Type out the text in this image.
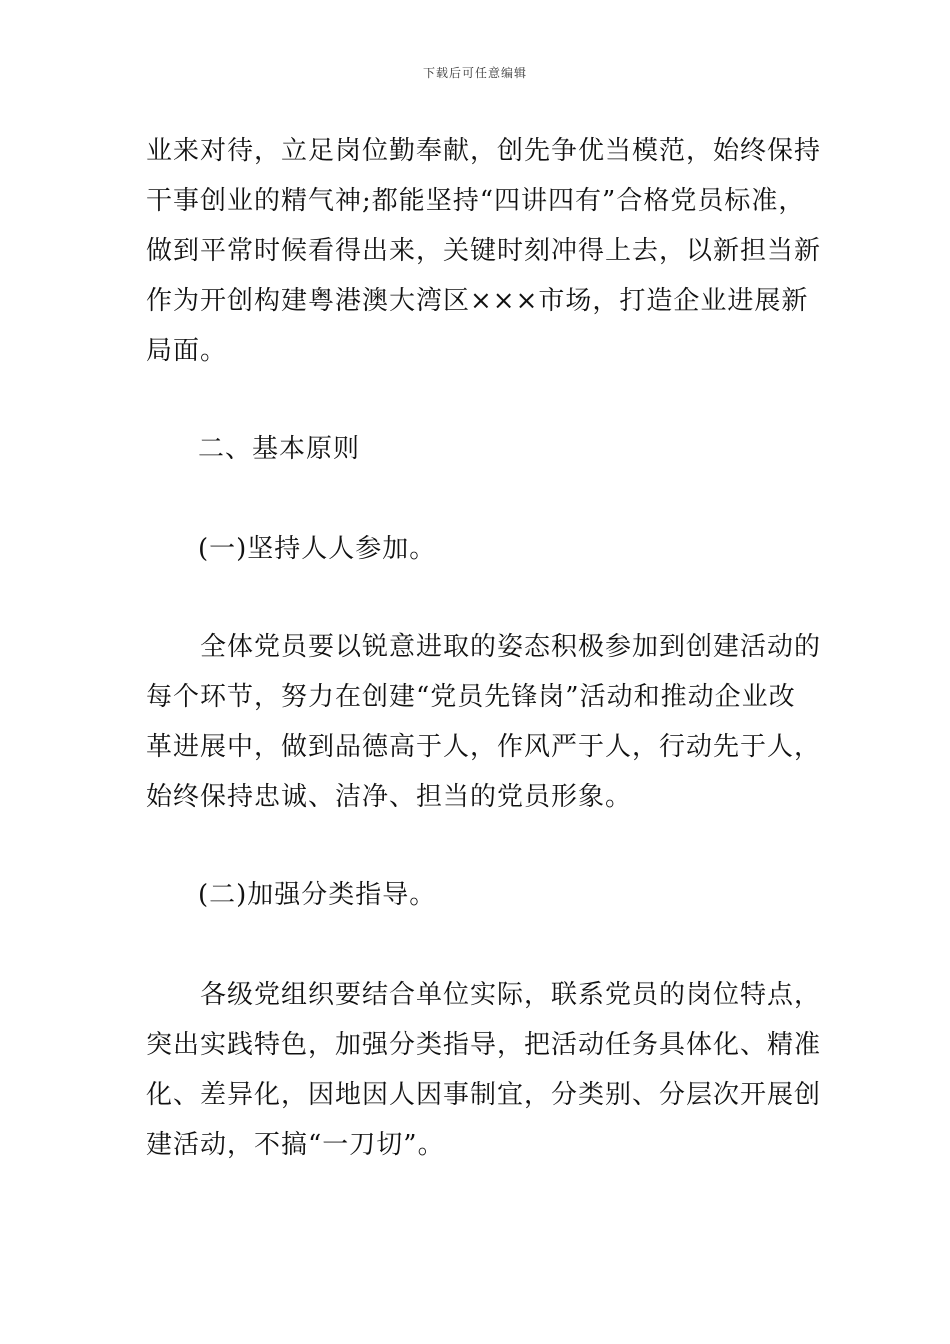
下载后可任意编辑
业来对待，立足岗位勤奉献，创先争优当模范，始终保持
干事创业的精气神;都能坚持“四讲四有”合格党员标准，
做到平常时候看得出来，关键时刻冲得上去，以新担当新
作为开创构建粤港澳大湾区×××市场，打造企业进展新
局面。
二、基本原则
(一)坚持人人参加。
　　全体党员要以锐意进取的姿态积极参加到创建活动的
每个环节，努力在创建“党员先锋岗”活动和推动企业改
革进展中，做到品德高于人，作风严于人，行动先于人，
始终保持忠诚、洁净、担当的党员形象。
(二)加强分类指导。
　　各级党组织要结合单位实际，联系党员的岗位特点，
突出实践特色，加强分类指导，把活动任务具体化、精准
化、差异化，因地因人因事制宜，分类别、分层次开展创
建活动，不搞“一刀切”。
